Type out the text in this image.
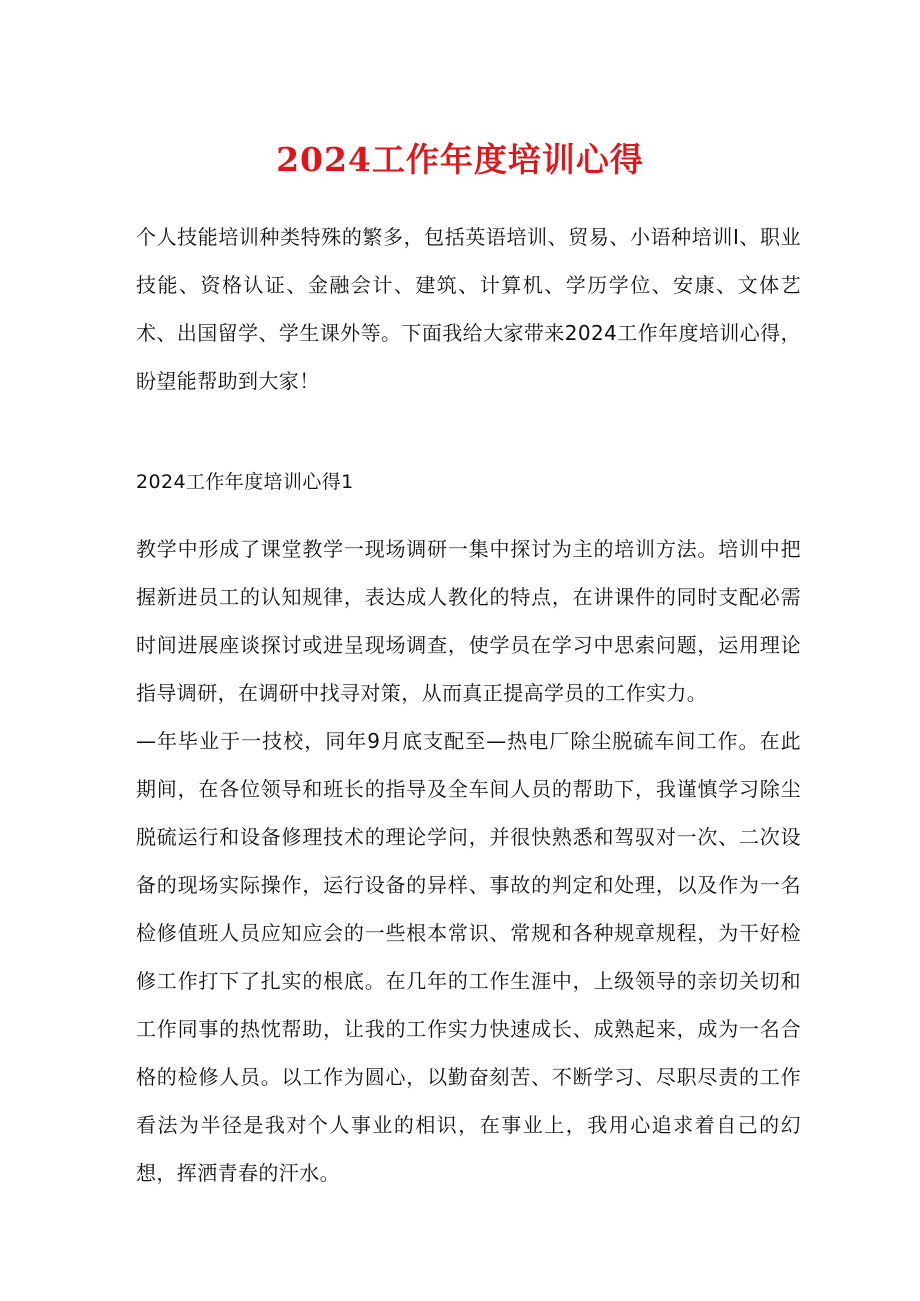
2024工作年度培训心得

个人技能培训种类特殊的繁多，包括英语培训、贸易、小语种培训I、职业技能、资格认证、金融会计、建筑、计算机、学历学位、安康、文体艺术、出国留学、学生课外等。下面我给大家带来2024工作年度培训心得，盼望能帮助到大家！

2024工作年度培训心得1

教学中形成了课堂教学一现场调研一集中探讨为主的培训方法。培训中把握新进员工的认知规律，表达成人教化的特点，在讲课件的同时支配必需时间进展座谈探讨或进呈现场调查，使学员在学习中思索问题，运用理论指导调研，在调研中找寻对策，从而真正提高学员的工作实力。

—年毕业于一技校，同年9月底支配至—热电厂除尘脱硫车间工作。在此期间，在各位领导和班长的指导及全车间人员的帮助下，我谨慎学习除尘脱硫运行和设备修理技术的理论学问，并很快熟悉和驾驭对一次、二次设备的现场实际操作，运行设备的异样、事故的判定和处理，以及作为一名检修值班人员应知应会的一些根本常识、常规和各种规章规程，为干好检修工作打下了扎实的根底。在几年的工作生涯中，上级领导的亲切关切和工作同事的热忱帮助，让我的工作实力快速成长、成熟起来，成为一名合格的检修人员。以工作为圆心，以勤奋刻苦、不断学习、尽职尽责的工作看法为半径是我对个人事业的相识，在事业上，我用心追求着自己的幻想，挥洒青春的汗水。
